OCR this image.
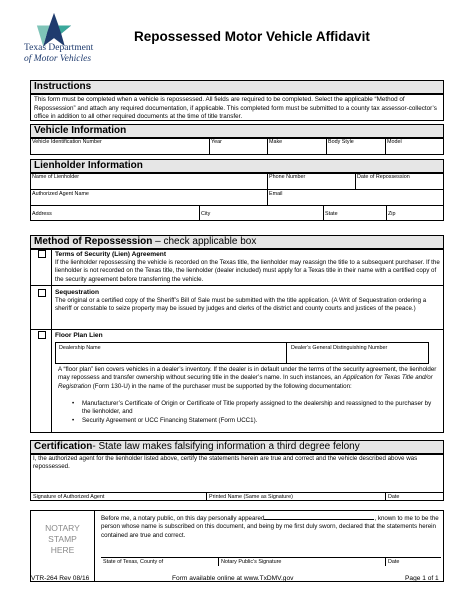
Texas Department
of Motor Vehicles
Repossessed Motor Vehicle Affidavit
Instructions
This form must be completed when a vehicle is repossessed. All fields are required to be completed. Select the applicable “Method of Repossession” and attach any required documentation, if applicable. This completed form must be submitted to a county tax assessor-collector’s office in addition to all other required documents at the time of title transfer.
Vehicle Information
Vehicle Identification Number	Year	Make	Body Style	Model
Lienholder Information
Name of Lienholder	Phone Number	Date of Repossession
Authorized Agent Name	Email
Address	City	State	Zip
Method of Repossession – check applicable box
Terms of Security (Lien) Agreement
If the lienholder repossessing the vehicle is recorded on the Texas title, the lienholder may reassign the title to a subsequent purchaser. If the lienholder is not recorded on the Texas title, the lienholder (dealer included) must apply for a Texas title in their name with a certified copy of the security agreement before transferring the vehicle.
Sequestration
The original or a certified copy of the Sheriff’s Bill of Sale must be submitted with the title application. (A Writ of Sequestration ordering a sheriff or constable to seize property may be issued by judges and clerks of the district and county courts and justices of the peace.)
Floor Plan Lien
Dealership Name	Dealer’s General Distinguishing Number
A “floor plan” lien covers vehicles in a dealer’s inventory. If the dealer is in default under the terms of the security agreement, the lienholder may repossess and transfer ownership without securing title in the dealer’s name. In such instances, an Application for Texas Title and/or Registration (Form 130-U) in the name of the purchaser must be supported by the following documentation:
• Manufacturer’s Certificate of Origin or Certificate of Title properly assigned to the dealership and reassigned to the purchaser by the lienholder, and
• Security Agreement or UCC Financing Statement (Form UCC1).
Certification- State law makes falsifying information a third degree felony
I, the authorized agent for the lienholder listed above, certify the statements herein are true and correct and the vehicle described above was repossessed.
Signature of Authorized Agent	Printed Name (Same as Signature)	Date
NOTARY
STAMP
HERE
Before me, a notary public, on this day personally appeared	, known to me to be the person whose name is subscribed on this document, and being by me first duly sworn, declared that the statements herein contained are true and correct.
State of Texas, County of	Notary Public’s Signature	Date
VTR-264 Rev 08/16	Form available online at www.TxDMV.gov	Page 1 of 1
